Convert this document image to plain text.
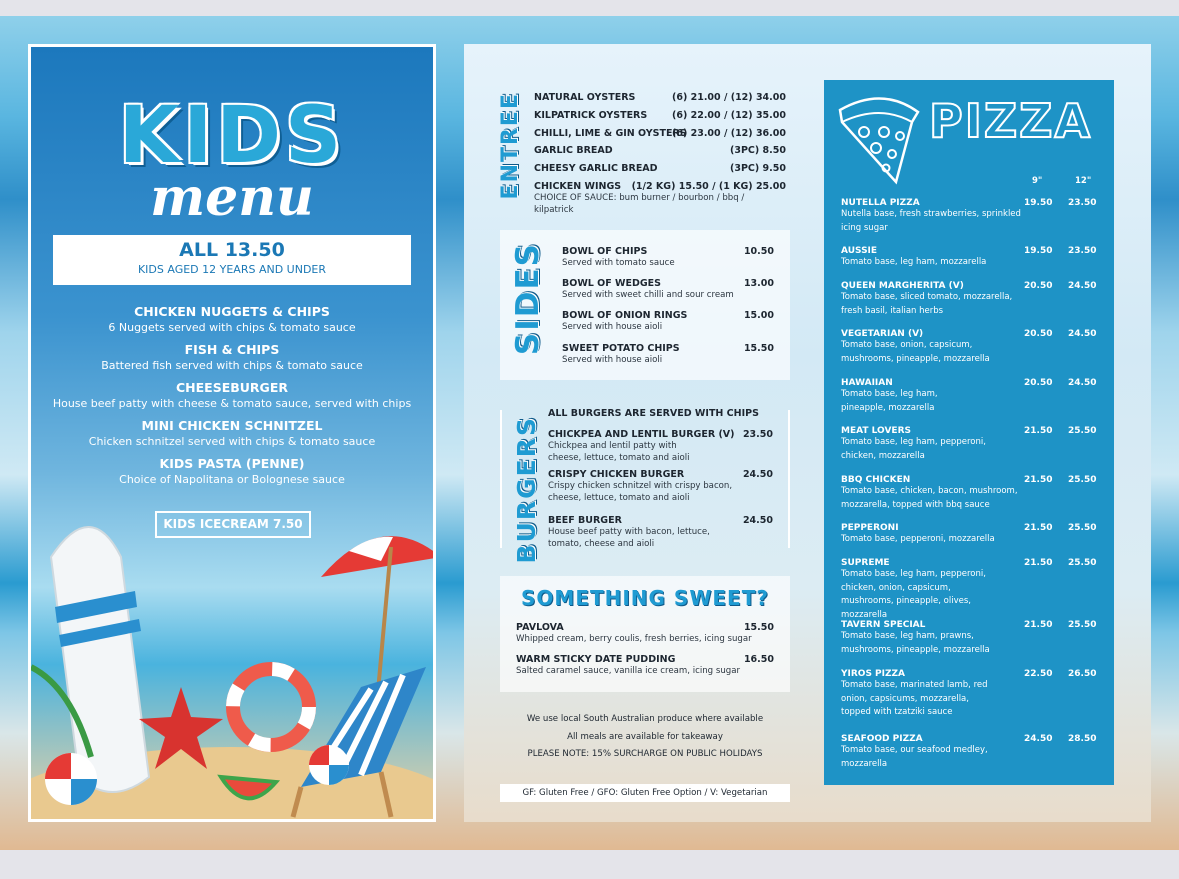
KIDS
menu
ALL 13.50
KIDS AGED 12 YEARS AND UNDER
CHICKEN NUGGETS & CHIPS
6 Nuggets served with chips & tomato sauce
FISH & CHIPS
Battered fish served with chips & tomato sauce
CHEESEBURGER
House beef patty with cheese & tomato sauce, served with chips
MINI CHICKEN SCHNITZEL
Chicken schnitzel served with chips & tomato sauce
KIDS PASTA (PENNE)
Choice of Napolitana or Bolognese sauce
KIDS ICECREAM 7.50
ENTREE NATURAL OYSTERS	(6) 21.00 / (12) 34.00
KILPATRICK OYSTERS	(6) 22.00 / (12) 35.00
CHILLI, LIME & GIN OYSTERS
(6) 23.00 / (12) 36.00
GARLIC BREAD	(3PC) 8.50
CHEESY GARLIC BREAD	(3PC) 9.50
CHICKEN WINGS (1/2 KG) 15.50 / (1 KG) 25.00
CHOICE OF SAUCE: bum burner / bourbon / bbq / kilpatrick
SIDES BOWL OF CHIPS	10.50
Served with tomato sauce
BOWL OF WEDGES	13.00
Served with sweet chilli and sour cream
BOWL OF ONION RINGS	15.00
Served with house aioli
SWEET POTATO CHIPS	15.50
Served with house aioli
BURGERS
ALL BURGERS ARE SERVED WITH CHIPS
CHICKPEA AND LENTIL BURGER (V) 23.50
Chickpea and lentil patty with cheese, lettuce, tomato and aioli
CRISPY CHICKEN BURGER	24.50
Crispy chicken schnitzel with crispy bacon, cheese, lettuce, tomato and aioli
BEEF BURGER	24.50
House beef patty with bacon, lettuce, tomato, cheese and aioli
SOMETHING SWEET?
PAVLOVA	15.50
Whipped cream, berry coulis, fresh berries, icing sugar
WARM STICKY DATE PUDDING	16.50
Salted caramel sauce, vanilla ice cream, icing sugar
We use local South Australian produce where available
All meals are available for takeaway
PLEASE NOTE: 15% SURCHARGE ON PUBLIC HOLIDAYS
GF: Gluten Free / GFO: Gluten Free Option / V: Vegetarian
PIZZA
9"	12"
NUTELLA PIZZA	19.50 23.50
Nutella base, fresh strawberries, sprinkled icing sugar
AUSSIE	19.50 23.50
Tomato base, leg ham, mozzarella
QUEEN MARGHERITA (V)	20.50 24.50
Tomato base, sliced tomato, mozzarella, fresh basil, italian herbs
VEGETARIAN (V)	20.50 24.50
Tomato base, onion, capsicum, mushrooms, pineapple, mozzarella
HAWAIIAN	20.50 24.50
Tomato base, leg ham, pineapple, mozzarella
MEAT LOVERS	21.50 25.50
Tomato base, leg ham, pepperoni, chicken, mozzarella
BBQ CHICKEN	21.50 25.50
Tomato base, chicken, bacon, mushroom, mozzarella, topped with bbq sauce
PEPPERONI	21.50 25.50
Tomato base, pepperoni, mozzarella
SUPREME	21.50 25.50
Tomato base, leg ham, pepperoni, chicken, onion, capsicum, mushrooms, pineapple, olives, mozzarella
TAVERN SPECIAL	21.50 25.50
Tomato base, leg ham, prawns, mushrooms, pineapple, mozzarella
YIROS PIZZA	22.50 26.50
Tomato base, marinated lamb, red onion, capsicums, mozzarella, topped with tzatziki sauce
SEAFOOD PIZZA	24.50 28.50
Tomato base, our seafood medley, mozzarella
